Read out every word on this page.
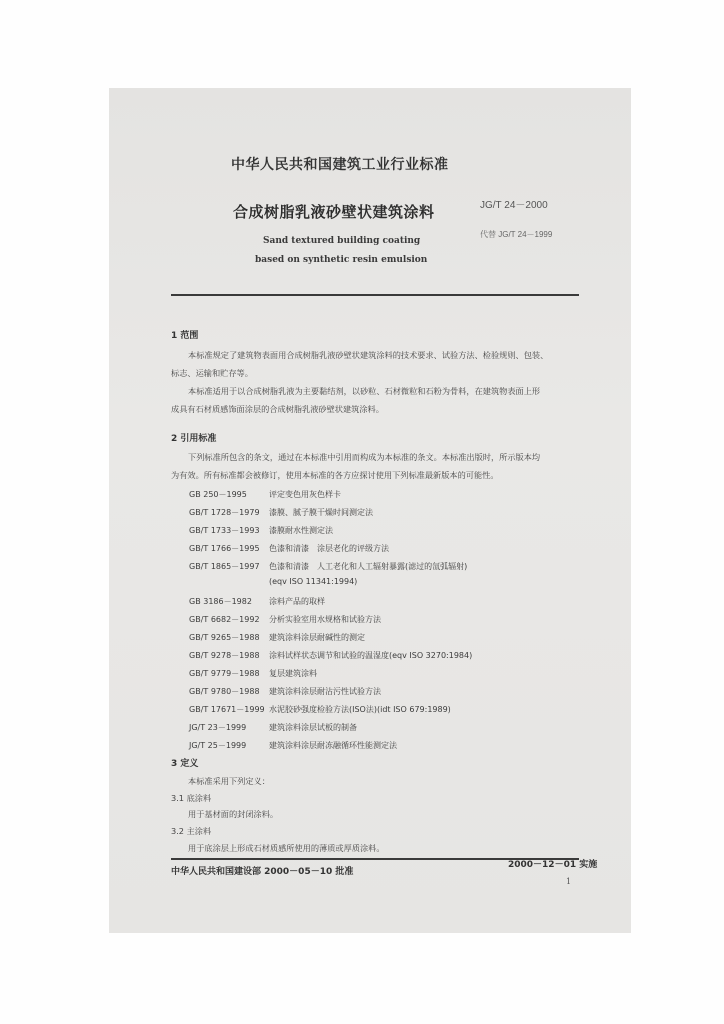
中华人民共和国建筑工业行业标准
合成树脂乳液砂壁状建筑涂料	JG/T 24－2000
代替 JG/T 24－1999
Sand textured building coating
based on synthetic resin emulsion
1 范围
本标准规定了建筑物表面用合成树脂乳液砂壁状建筑涂料的技术要求、试验方法、检验规则、包装、
标志、运输和贮存等。
本标准适用于以合成树脂乳液为主要黏结剂，以砂粒、石材微粒和石粉为骨料，在建筑物表面上形
成具有石材质感饰面涂层的合成树脂乳液砂壁状建筑涂料。
2 引用标准
下列标准所包含的条文，通过在本标准中引用而构成为本标准的条文。本标准出版时，所示版本均
为有效。所有标准都会被修订，使用本标准的各方应探讨使用下列标准最新版本的可能性。
GB 250－1995	评定变色用灰色样卡
GB/T 1728－1979 漆膜、腻子膜干燥时间测定法
GB/T 1733－1993 漆膜耐水性测定法
GB/T 1766－1995 色漆和清漆　涂层老化的评级方法
GB/T 1865－1997 色漆和清漆　人工老化和人工辐射暴露(滤过的氙弧辐射)
(eqv ISO 11341:1994)
GB 3186－1982 涂料产品的取样
GB/T 6682－1992 分析实验室用水规格和试验方法
GB/T 9265－1988 建筑涂料涂层耐碱性的测定
GB/T 9278－1988 涂料试样状态调节和试验的温湿度(eqv ISO 3270:1984)
GB/T 9779－1988 复层建筑涂料
GB/T 9780－1988 建筑涂料涂层耐沾污性试验方法
GB/T 17671－1999 水泥胶砂强度检验方法(ISO法)(idt ISO 679:1989)
JG/T 23－1999	建筑涂料涂层试板的制备
JG/T 25－1999	建筑涂料涂层耐冻融循环性能测定法
3 定义
本标准采用下列定义：
3.1 底涂料
用于基材面的封闭涂料。
3.2 主涂料
用于底涂层上形成石材质感所使用的薄质或厚质涂料。
中华人民共和国建设部 2000－05－10 批准
2000－12－01 实施
1
